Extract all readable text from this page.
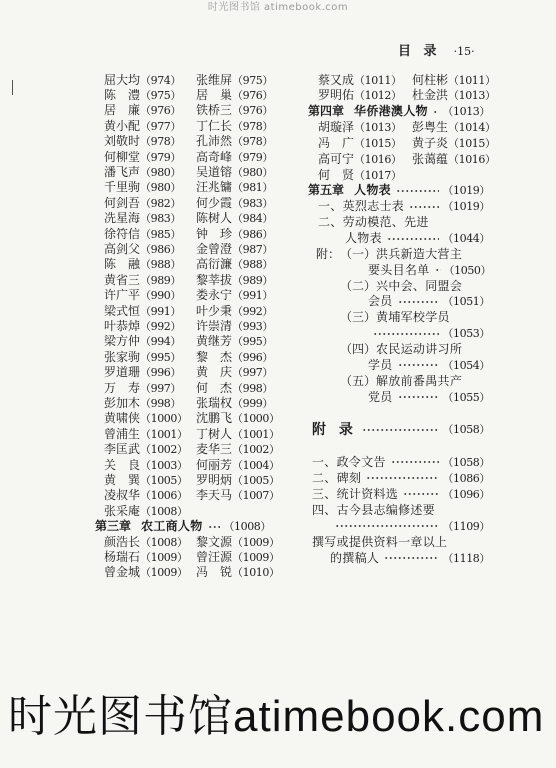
时光图书馆 atimebook.com
目 录 ·15·
屈大均 （974） 张维屏 （975）
陈 澧 （975） 居 巢 （976）
居 廉 （976） 铁桥三 （976）
黄小配 （977） 丁仁长 （978）
刘敬时 （978） 孔沛然 （978）
何柳堂 （979） 高奇峰 （979）
潘飞声 （980） 吴道镕 （980）
千里驹 （980） 汪兆镛 （981）
何剑吾 （982） 何少霞 （983）
冼星海 （983） 陈树人 （984）
徐符信 （985） 钟 珍 （986）
高剑父 （986） 金曾澄 （987）
陈 融 （988） 高衍濂 （988）
黄省三 （989） 黎莘拔 （989）
许广平 （990） 娄永宁 （991）
梁式恒 （991） 叶少秉 （992）
叶恭焯 （992） 许崇清 （993）
梁方仲 （994） 黄继芳 （995）
张家驹 （995） 黎 杰 （996）
罗道珊 （996） 黄 庆 （997）
万 寿 （997） 何 杰 （998）
彭加木 （998） 张瑞权 （999）
黄啸侠 （1000） 沈鹏飞 （1000）
曾浦生 （1001） 丁树人 （1001）
李匡武 （1002） 麦华三 （1002）
关 良 （1003） 何丽芳 （1004）
黄 巽 （1005） 罗明炳 （1005）
凌叔华 （1006） 李天马 （1007）
张采庵 （1008）
第三章 农工商人物 （1008）
颜浩长 （1008） 黎文源 （1009）
杨瑞石 （1009） 曾汪源 （1009）
曾金城 （1009） 冯 锐 （1010）
蔡又成 （1011） 何柱彬 （1011）
罗明佑 （1012） 杜金洪 （1013）
第四章 华侨港澳人物 （1013）
胡璇泽 （1013） 彭粤生 （1014）
冯 广 （1015） 黄子炎 （1015）
高可宁 （1016） 张蔼蕴 （1016）
何 贤 （1017）
第五章 人物表	（1019）
一、英烈志士表	（1019）
二、劳动模范、先进
人物表	（1044）
附： （一） 洪兵新造大营主
要头目名单 （1050）
（二） 兴中会、同盟会
会员	（1051）
（三） 黄埔军校学员
（1053）
（四） 农民运动讲习所
学员	（1054）
（五） 解放前番禺共产
党员	（1055）
附 录	（1058）
一、政令文告	（1058）
二、碑刻	（1086）
三、统计资料选	（1096）
四、古今县志编修述要
（1109）
撰写或提供资料一章以上
的撰稿人	（1118）
时光图书馆atimebook.com
